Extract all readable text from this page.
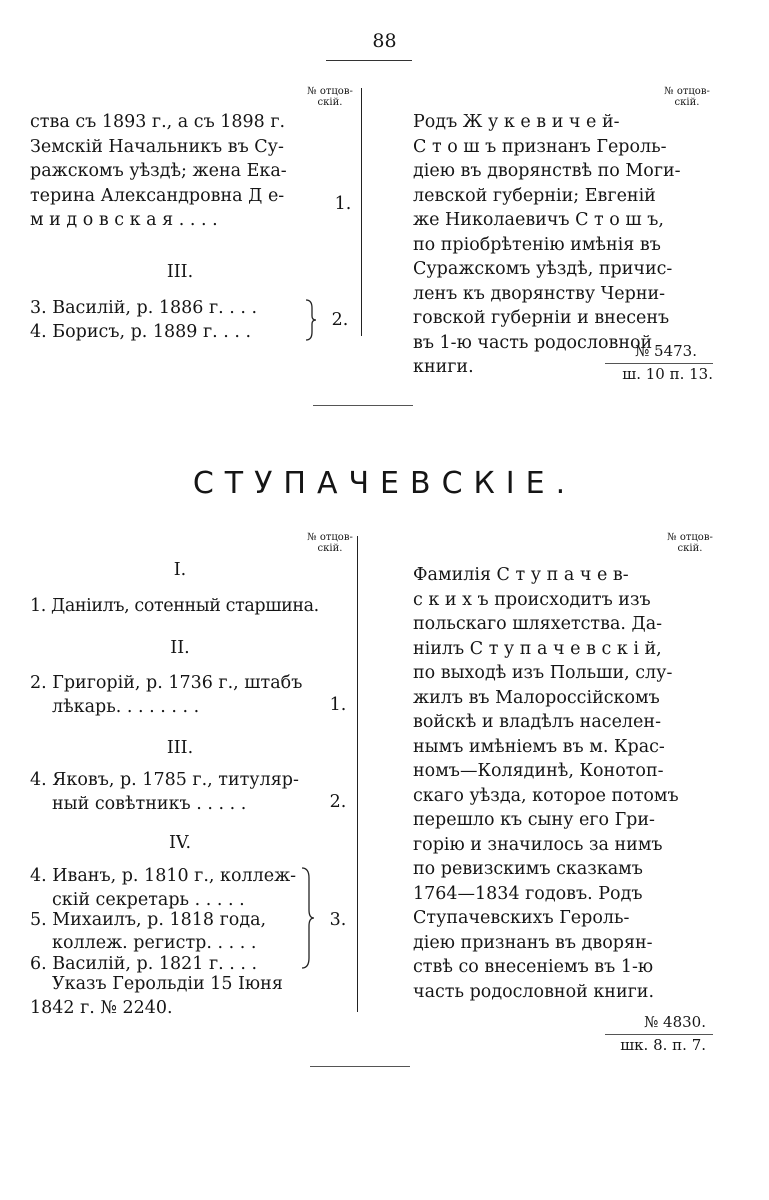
88
№ отцов-
скій.
№ отцов-
скій.
ства съ 1893 г., а съ 1898 г.
Земскій Начальникъ въ Су-
ражскомъ уѣздѣ; жена Ека-
терина Александровна Д е-
м и д о в с к а я . . . .
1.
III.
3. Василій, р. 1886 г. . . .
4. Борисъ, р. 1889 г. . . .
2.
Родъ Ж у к е в и ч е й-
С т о ш ъ признанъ Героль-
діею въ дворянствѣ по Моги-
левской губерніи; Евгеній
же Николаевичъ С т о ш ъ,
по пріобрѣтенію имѣнія въ
Суражскомъ уѣздѣ, причис-
ленъ къ дворянству Черни-
говской губерніи и внесенъ
въ 1-ю часть родословной
книги.
№ 5473.
ш. 10 п. 13.
СТУПАЧЕВСКІЕ.
№ отцов-
скій.
№ отцов-
скій.
I.
1. Даніилъ, сотенный старшина.
II.
2. Григорій, р. 1736 г., штабъ
лѣкарь. . . . . . . .	1.
III.
4. Яковъ, р. 1785 г., титуляр-
ный совѣтникъ . . . . .	2.
IV.
4. Иванъ, р. 1810 г., коллеж-
скій секретарь . . . . .
5. Михаилъ, р. 1818 года,
коллеж. регистр. . . . .
6. Василій, р. 1821 г. . . .
3.
Указъ Герольдіи 15 Іюня
1842 г. № 2240.
Фамилія С т у п а ч е в-
с к и х ъ происходитъ изъ
польскаго шляхетства. Да-
ніилъ С т у п а ч е в с к і й,
по выходѣ изъ Польши, слу-
жилъ въ Малороссійскомъ
войскѣ и владѣлъ населен-
нымъ имѣніемъ въ м. Крас-
номъ—Колядинѣ, Конотоп-
скаго уѣзда, которое потомъ
перешло къ сыну его Гри-
горію и значилось за нимъ
по ревизскимъ сказкамъ
1764—1834 годовъ. Родъ
Ступачевскихъ Героль-
діею признанъ въ дворян-
ствѣ со внесеніемъ въ 1-ю
часть родословной книги.
№ 4830.
шк. 8. п. 7.
